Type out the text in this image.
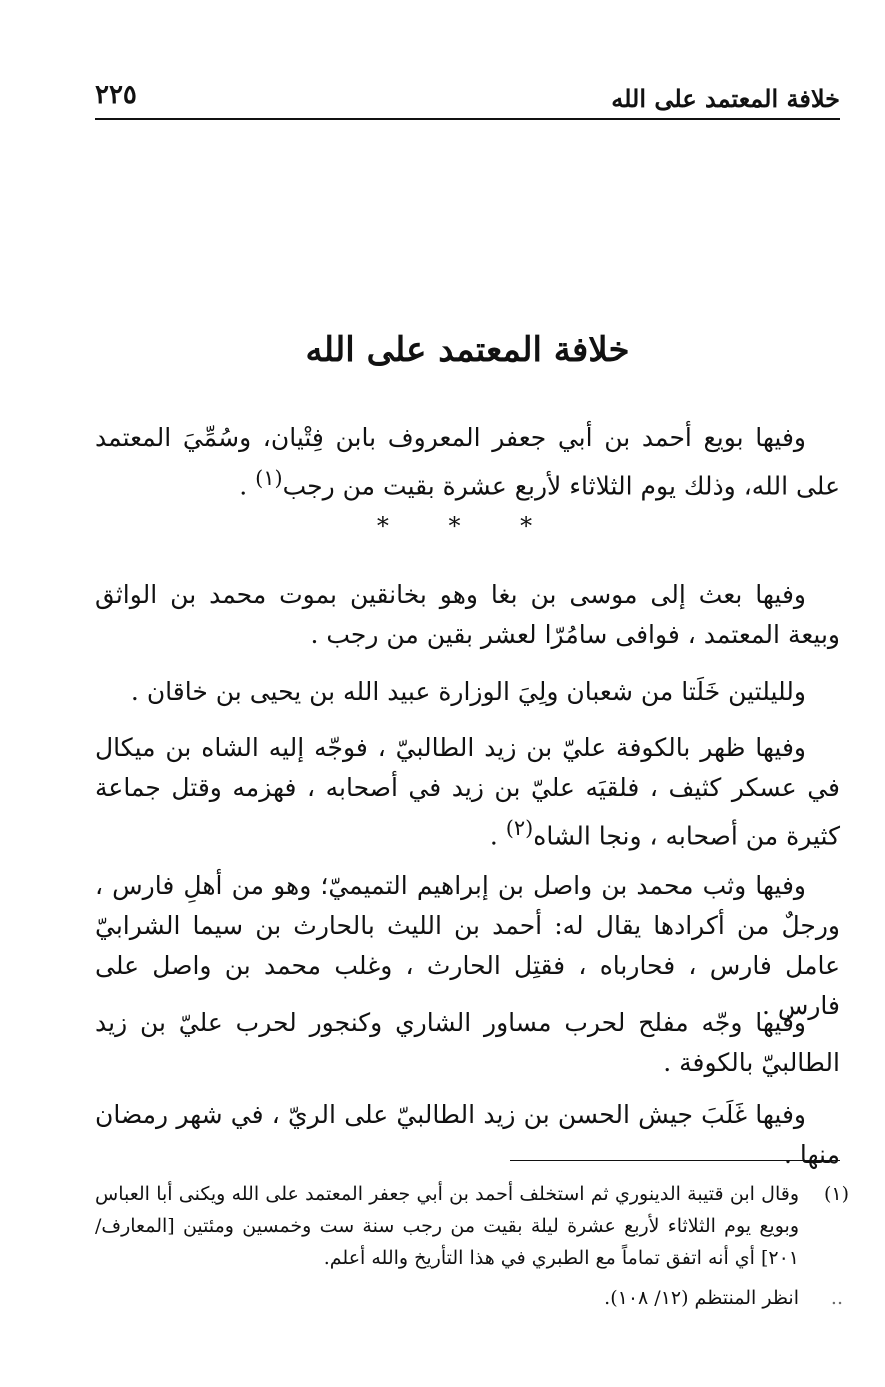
خلافة المعتمد على الله
٢٢٥
خلافة المعتمد على الله

وفيها بويع أحمد بن أبي جعفر المعروف بابن فِتْيان، وسُمِّيَ المعتمد على الله، وذلك يوم الثلاثاء لأربع عشرة بقيت من رجب$^{(١)}$ .

* * *

وفيها بعث إلى موسى بن بغا وهو بخانقين بموت محمد بن الواثق وبيعة المعتمد ، فوافى سامُرّا لعشر بقين من رجب .

ولليلتين خَلَتا من شعبان ولِيَ الوزارة عبيد الله بن يحيى بن خاقان .

وفيها ظهر بالكوفة عليّ بن زيد الطالبيّ ، فوجّه إليه الشاه بن ميكال في عسكر كثيف ، فلقيَه عليّ بن زيد في أصحابه ، فهزمه وقتل جماعة كثيرة من أصحابه ، ونجا الشاه$^{(٢)}$ .

وفيها وثب محمد بن واصل بن إبراهيم التميميّ؛ وهو من أهلِ فارس ، ورجلٌ من أكرادها يقال له: أحمد بن الليث بالحارث بن سيما الشرابيّ عامل فارس ، فحارباه ، فقتِل الحارث ، وغلب محمد بن واصل على فارس .

وفيها وجّه مفلح لحرب مساور الشاري وكنجور لحرب عليّ بن زيد الطالبيّ بالكوفة .

وفيها غَلَبَ جيش الحسن بن زيد الطالبيّ على الريّ ، في شهر رمضان منها .

(١)
وقال ابن قتيبة الدينوري ثم استخلف أحمد بن أبي جعفر المعتمد على الله ويكنى أبا العباس وبويع يوم الثلاثاء لأربع عشرة ليلة بقيت من رجب سنة ست وخمسين ومئتين [المعارف/ ٢٠١] أي أنه اتفق تماماً مع الطبري في هذا التأريخ والله أعلم.

..
انظر المنتظم (١٢/ ١٠٨).
